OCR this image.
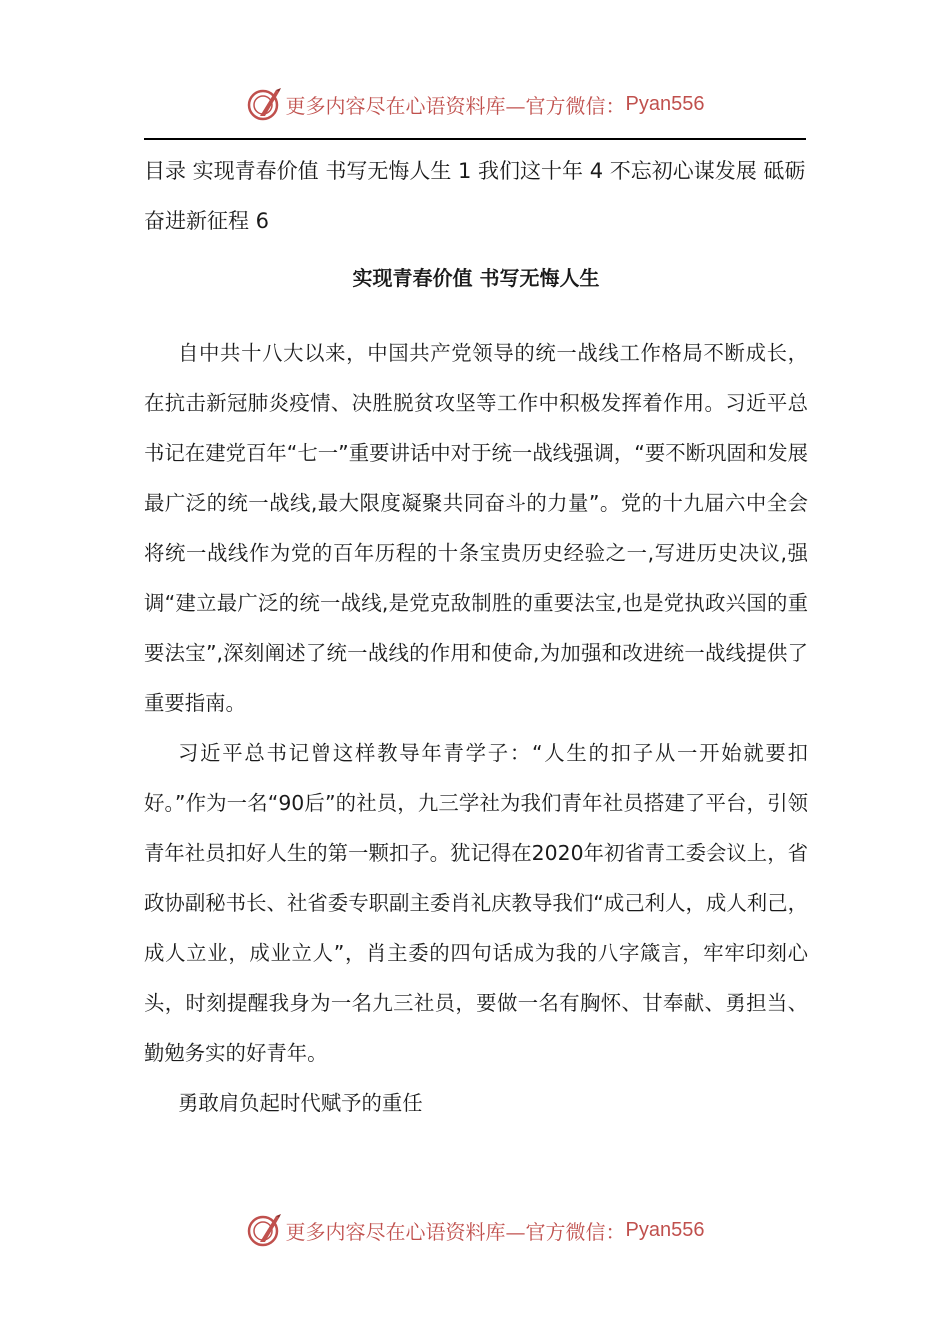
更多内容尽在心语资料库—官方微信： Pyan556

目录 实现青春价值 书写无悔人生 1 我们这十年 4 不忘初心谋发展 砥砺奋进新征程 6

实现青春价值 书写无悔人生

自中共十八大以来，中国共产党领导的统一战线工作格局不断成长，在抗击新冠肺炎疫情、决胜脱贫攻坚等工作中积极发挥着作用。习近平总书记在建党百年“七一”重要讲话中对于统一战线强调，“要不断巩固和发展最广泛的统一战线,最大限度凝聚共同奋斗的力量”。党的十九届六中全会将统一战线作为党的百年历程的十条宝贵历史经验之一,写进历史决议,强调“建立最广泛的统一战线,是党克敌制胜的重要法宝,也是党执政兴国的重要法宝”,深刻阐述了统一战线的作用和使命,为加强和改进统一战线提供了重要指南。

习近平总书记曾这样教导年青学子：“人生的扣子从一开始就要扣好。”作为一名“90后”的社员，九三学社为我们青年社员搭建了平台，引领青年社员扣好人生的第一颗扣子。犹记得在2020年初省青工委会议上，省政协副秘书长、社省委专职副主委肖礼庆教导我们“成己利人，成人利己，成人立业，成业立人”，肖主委的四句话成为我的八字箴言，牢牢印刻心头，时刻提醒我身为一名九三社员，要做一名有胸怀、甘奉献、勇担当、勤勉务实的好青年。

勇敢肩负起时代赋予的重任

更多内容尽在心语资料库—官方微信： Pyan556
